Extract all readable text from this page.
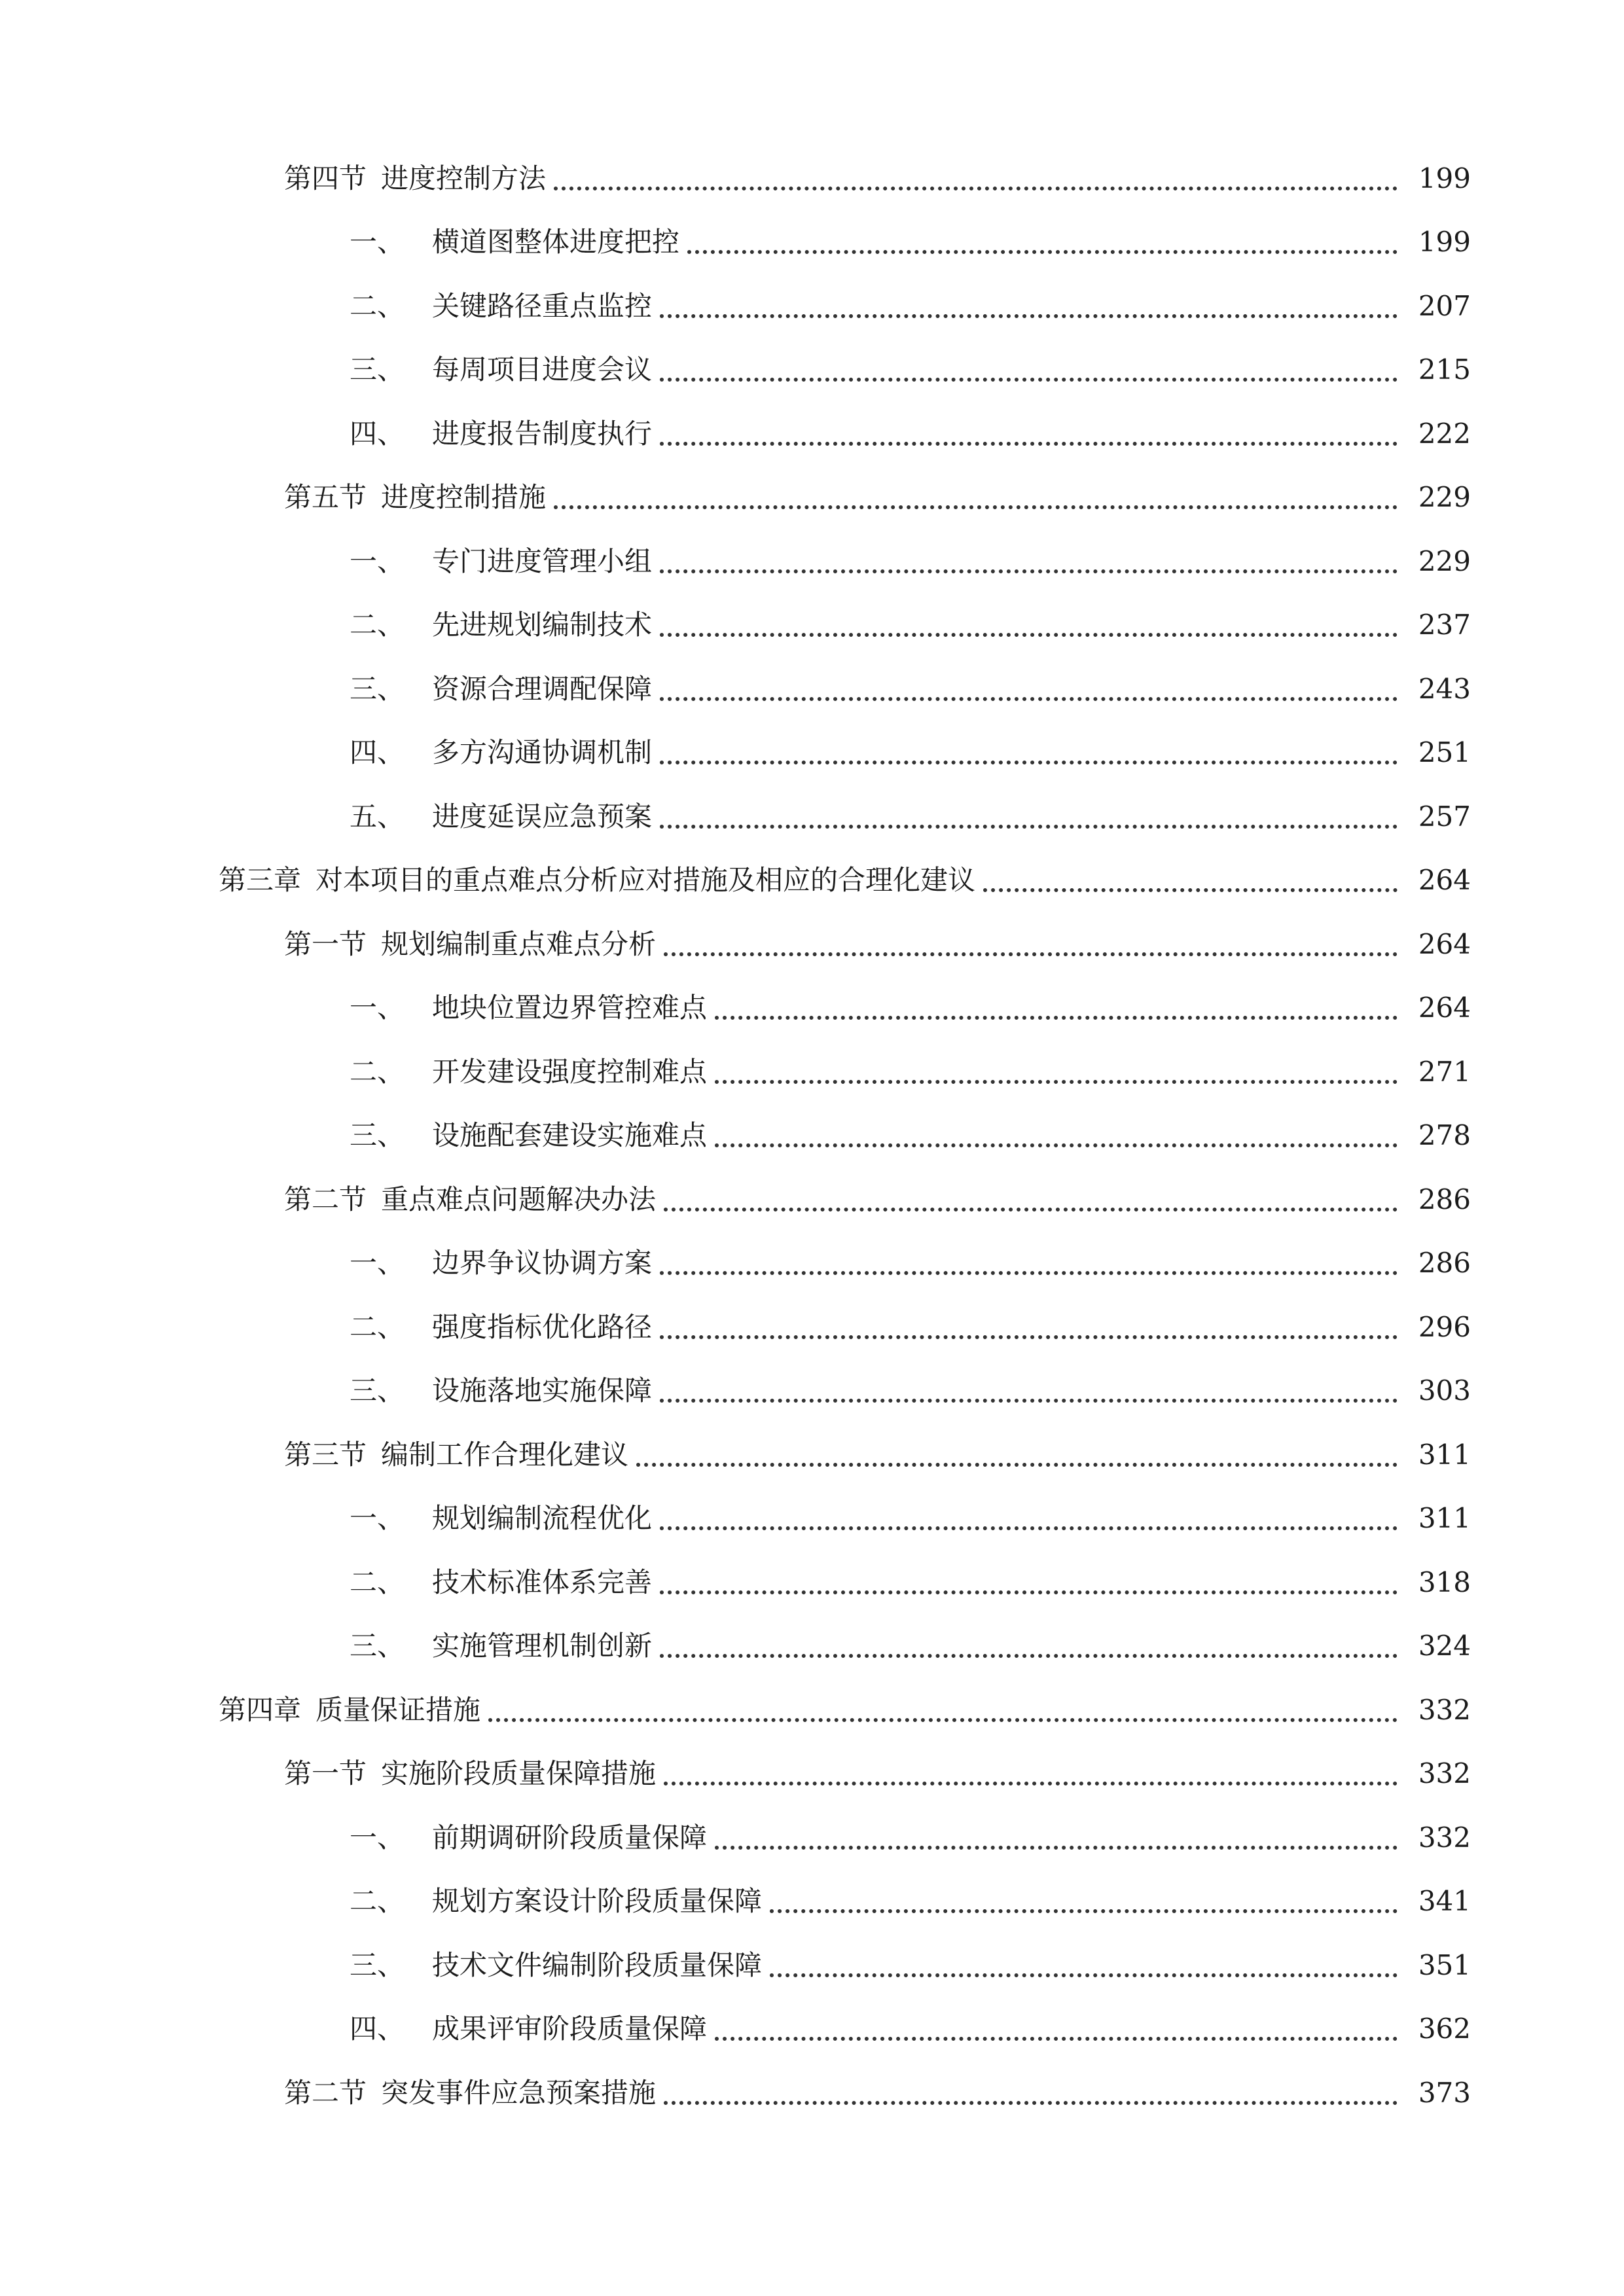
第四节 进度控制方法	199
一、 横道图整体进度把控	199
二、 关键路径重点监控	207
三、 每周项目进度会议	215
四、 进度报告制度执行	222
第五节 进度控制措施	229
一、 专门进度管理小组	229
二、 先进规划编制技术	237
三、 资源合理调配保障	243
四、 多方沟通协调机制	251
五、 进度延误应急预案	257
第三章 对本项目的重点难点分析应对措施及相应的合理化建议	264
第一节 规划编制重点难点分析	264
一、 地块位置边界管控难点	264
二、 开发建设强度控制难点	271
三、 设施配套建设实施难点	278
第二节 重点难点问题解决办法	286
一、 边界争议协调方案	286
二、 强度指标优化路径	296
三、 设施落地实施保障	303
第三节 编制工作合理化建议	311
一、 规划编制流程优化	311
二、 技术标准体系完善	318
三、 实施管理机制创新	324
第四章 质量保证措施	332
第一节 实施阶段质量保障措施	332
一、 前期调研阶段质量保障	332
二、 规划方案设计阶段质量保障	341
三、 技术文件编制阶段质量保障	351
四、 成果评审阶段质量保障	362
第二节 突发事件应急预案措施	373
